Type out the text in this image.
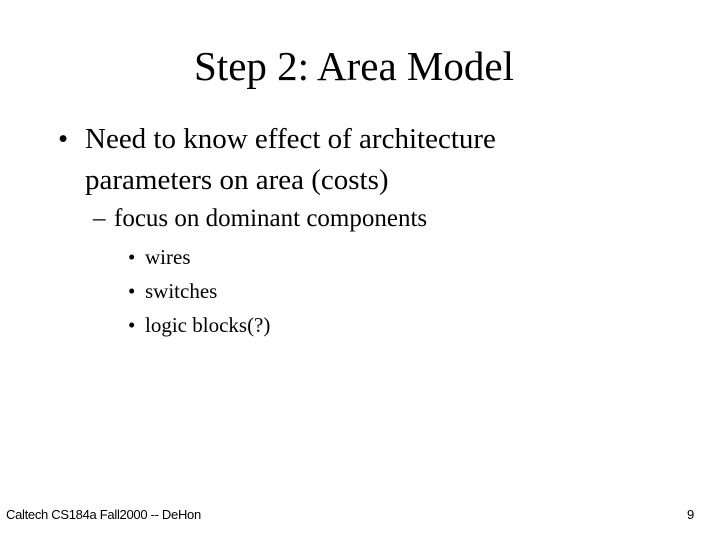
Step 2: Area Model
• Need to know effect of architecture
parameters on area (costs)
– focus on dominant components
• wires
• switches
• logic blocks(?)
Caltech CS184a Fall2000 -- DeHon	9
